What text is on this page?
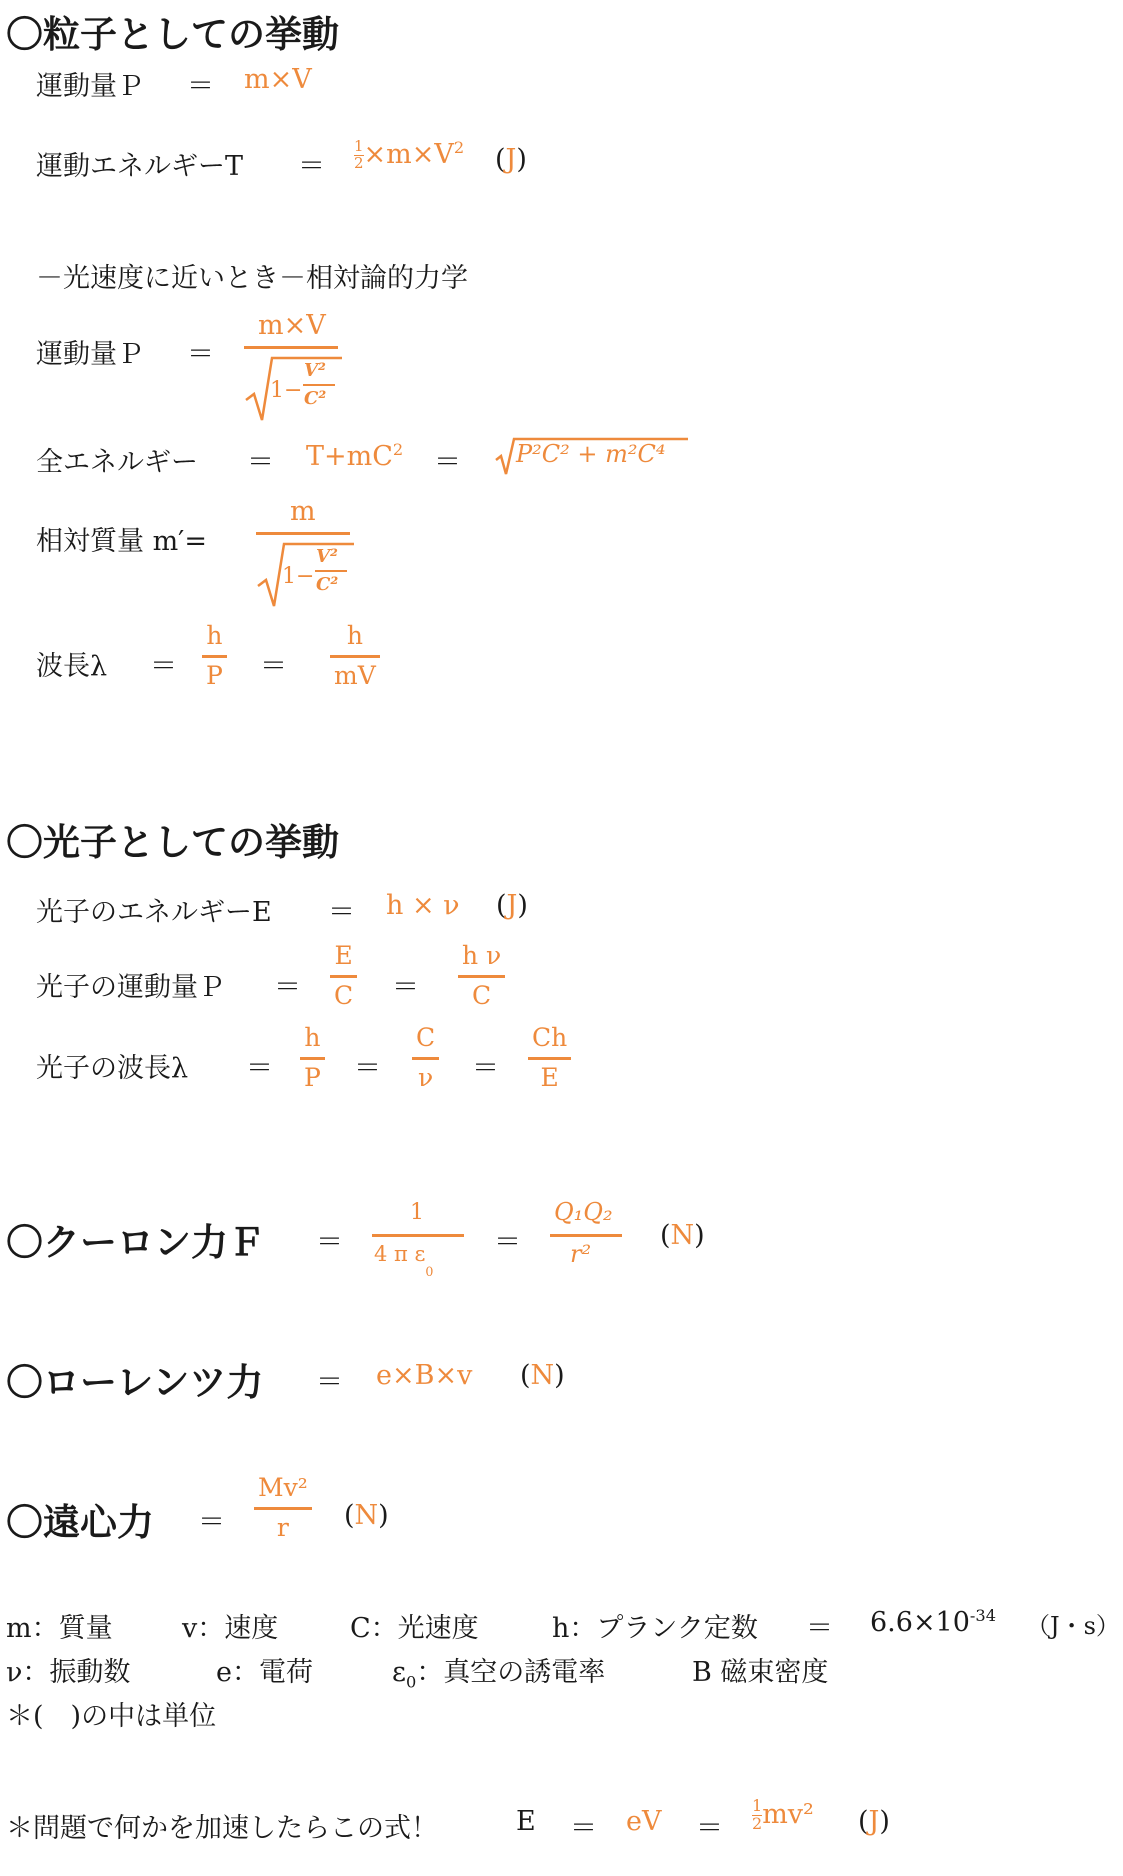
〇粒子としての挙動
運動量Ｐ ＝ m×V
運動エネルギー$T = \frac{1}{2} \times m\times V^2$ (J)
－光速度に近いとき－相対論的力学
運動量Ｐ ＝
m×V
1−
V²
C²
全エネルギー ＝ $T+mC^2 = P^2C^2 + m^2C^4$
相対質量 m′=
m
1−
V²
C²
波長λ ＝
h
P ＝
h
mV
〇光子としての挙動
光子のエネルギーE ＝ h × ν (J)
光子の運動量Ｐ ＝
E
C ＝
h ν
C
光子の波長λ ＝
h
P ＝
C
ν ＝
Ch
E
〇クーロン力Ｆ ＝
1
4 π $\varepsilon_0$
＝
Q₁Q₂
r²
(N)
〇ローレンツ力 ＝ e×B×v (N)
〇遠心力 ＝
Mv²
r (N)
m：質量	v：速度	C：光速度	h：プランク定数 ＝ $6.6\times 10^{-34}$ （J・s）
ν：振動数	e：電荷	$\varepsilon_0$：真空の誘電率	B 磁束密度
＊(　)の中は単位
＊問題で何かを加速したらこの式！	E ＝ eV ＝ $\frac{1}{2} mv^2$ (J)
